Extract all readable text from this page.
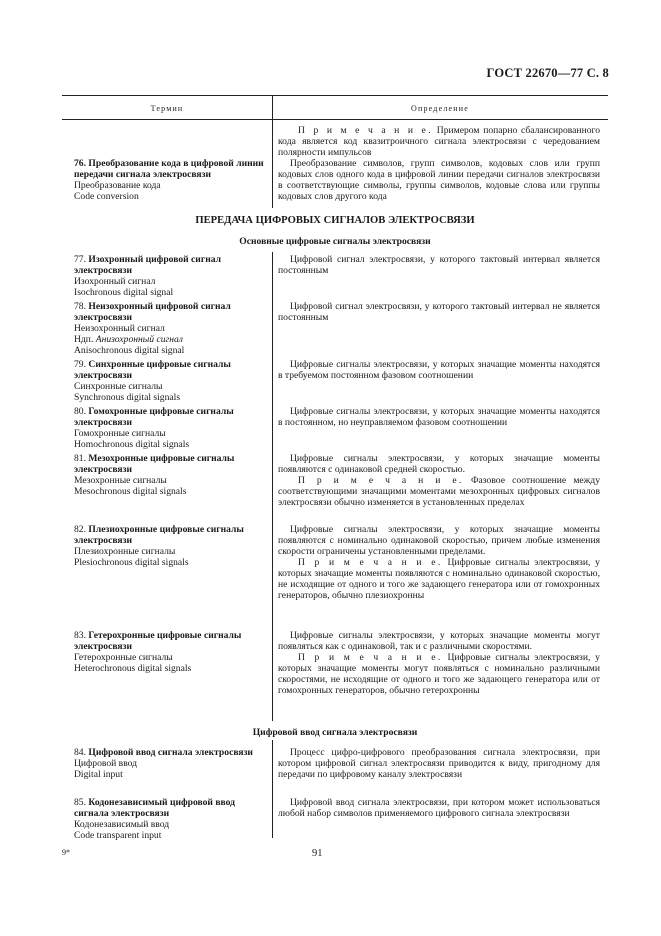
ГОСТ 22670—77 С. 8
Термин	Определение
П р и м е ч а н и е. Примером попарно сбалансированного кода является код квазитроичного сигнала электросвязи с чередованием полярности импульсов
76. Преобразование кода в цифровой линии передачи сигнала электросвязи
Преобразование кода
Code conversion
Преобразование символов, групп символов, кодовых слов или групп кодовых слов одного кода в цифровой линии передачи сигналов электросвязи в соответствующие символы, группы символов, кодовые слова или группы кодовых слов другого кода
ПЕРЕДАЧА ЦИФРОВЫХ СИГНАЛОВ ЭЛЕКТРОСВЯЗИ
Основные цифровые сигналы электросвязи
77. Изохронный цифровой сигнал электросвязи
Изохронный сигнал
Isochronous digital signal
Цифровой сигнал электросвязи, у которого тактовый интервал является постоянным
78. Неизохронный цифровой сигнал электросвязи
Неизохронный сигнал
Ндп. Анизохронный сигнал
Anisochronous digital signal
Цифровой сигнал электросвязи, у которого тактовый интервал не является постоянным
79. Синхронные цифровые сигналы электросвязи
Синхронные сигналы
Synchronous digital signals
Цифровые сигналы электросвязи, у которых значащие моменты находятся в требуемом постоянном фазовом соотношении
80. Гомохронные цифровые сигналы электросвязи
Гомохронные сигналы
Homochronous digital signals
Цифровые сигналы электросвязи, у которых значащие моменты находятся в постоянном, но неуправляемом фазовом соотношении
81. Мезохронные цифровые сигналы электросвязи
Мезохронные сигналы
Mesochronous digital signals
Цифровые сигналы электросвязи, у которых значащие моменты появляются с одинаковой средней скоростью.
П р и м е ч а н и е. Фазовое соотношение между соответствующими значащими моментами мезохронных цифровых сигналов электросвязи обычно изменяется в установленных пределах
82. Плезиохронные цифровые сигналы электросвязи
Плезиохронные сигналы
Plesiochronous digital signals
Цифровые сигналы электросвязи, у которых значащие моменты появляются с номинально одинаковой скоростью, причем любые изменения скорости ограничены установленными пределами.
П р и м е ч а н и е. Цифровые сигналы электросвязи, у которых значащие моменты появляются с номинально одинаковой скоростью, не исходящие от одного и того же задающего генератора или от гомохронных генераторов, обычно плезиохронны
83. Гетерохронные цифровые сигналы электросвязи
Гетерохронные сигналы
Heterochronous digital signals
Цифровые сигналы электросвязи, у которых значащие моменты могут появляться как с одинаковой, так и с различными скоростями.
П р и м е ч а н и е. Цифровые сигналы электросвязи, у которых значащие моменты могут появляться с номинально различными скоростями, не исходящие от одного и того же задающего генератора или от гомохронных генераторов, обычно гетерохронны
Цифровой ввод сигнала электросвязи
84. Цифровой ввод сигнала электросвязи
Цифровой ввод
Digital input
Процесс цифро-цифрового преобразования сигнала электросвязи, при котором цифровой сигнал электросвязи приводится к виду, пригодному для передачи по цифровому каналу электросвязи
85. Кодонезависимый цифровой ввод сигнала электросвязи
Кодонезависимый ввод
Code transparent input
Цифровой ввод сигнала электросвязи, при котором может использоваться любой набор символов применяемого цифрового сигнала электросвязи
9*	91
